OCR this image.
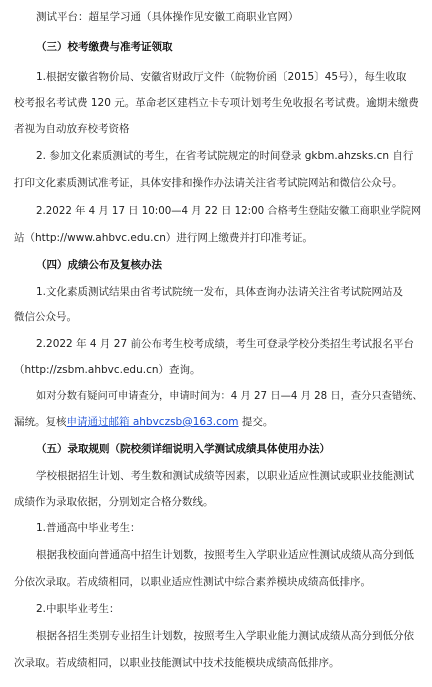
测试平台：超星学习通（具体操作见安徽工商职业官网）
（三）校考缴费与准考证领取
1.根据安徽省物价局、安徽省财政厅文件（皖物价函〔2015〕45号），每生收取
校考报名考试费 120 元。革命老区建档立卡专项计划考生免收报名考试费。逾期未缴费
者视为自动放弃校考资格
2. 参加文化素质测试的考生，在省考试院规定的时间登录 gkbm.ahzsks.cn 自行
打印文化素质测试准考证，具体安排和操作办法请关注省考试院网站和微信公众号。
2.2022 年 4 月 17 日 10:00—4 月 22 日 12:00 合格考生登陆安徽工商职业学院网
站（http://www.ahbvc.edu.cn）进行网上缴费并打印准考证。
（四）成绩公布及复核办法
1.文化素质测试结果由省考试院统一发布，具体查询办法请关注省考试院网站及
微信公众号。
2.2022 年 4 月 27 前公布考生校考成绩，考生可登录学校分类招生考试报名平台
（http://zsbm.ahbvc.edu.cn）查询。
如对分数有疑问可申请查分，申请时间为：4 月 27 日—4 月 28 日，查分只查错统、
漏统。复核申请通过邮箱 ahbvczsb@163.com 提交。
（五）录取规则（院校须详细说明入学测试成绩具体使用办法）
学校根据招生计划、考生数和测试成绩等因素，以职业适应性测试或职业技能测试
成绩作为录取依据，分别划定合格分数线。
1.普通高中毕业考生：
根据我校面向普通高中招生计划数，按照考生入学职业适应性测试成绩从高分到低
分依次录取。若成绩相同，以职业适应性测试中综合素养模块成绩高低排序。
2.中职毕业考生：
根据各招生类别专业招生计划数，按照考生入学职业能力测试成绩从高分到低分依
次录取。若成绩相同，以职业技能测试中技术技能模块成绩高低排序。
